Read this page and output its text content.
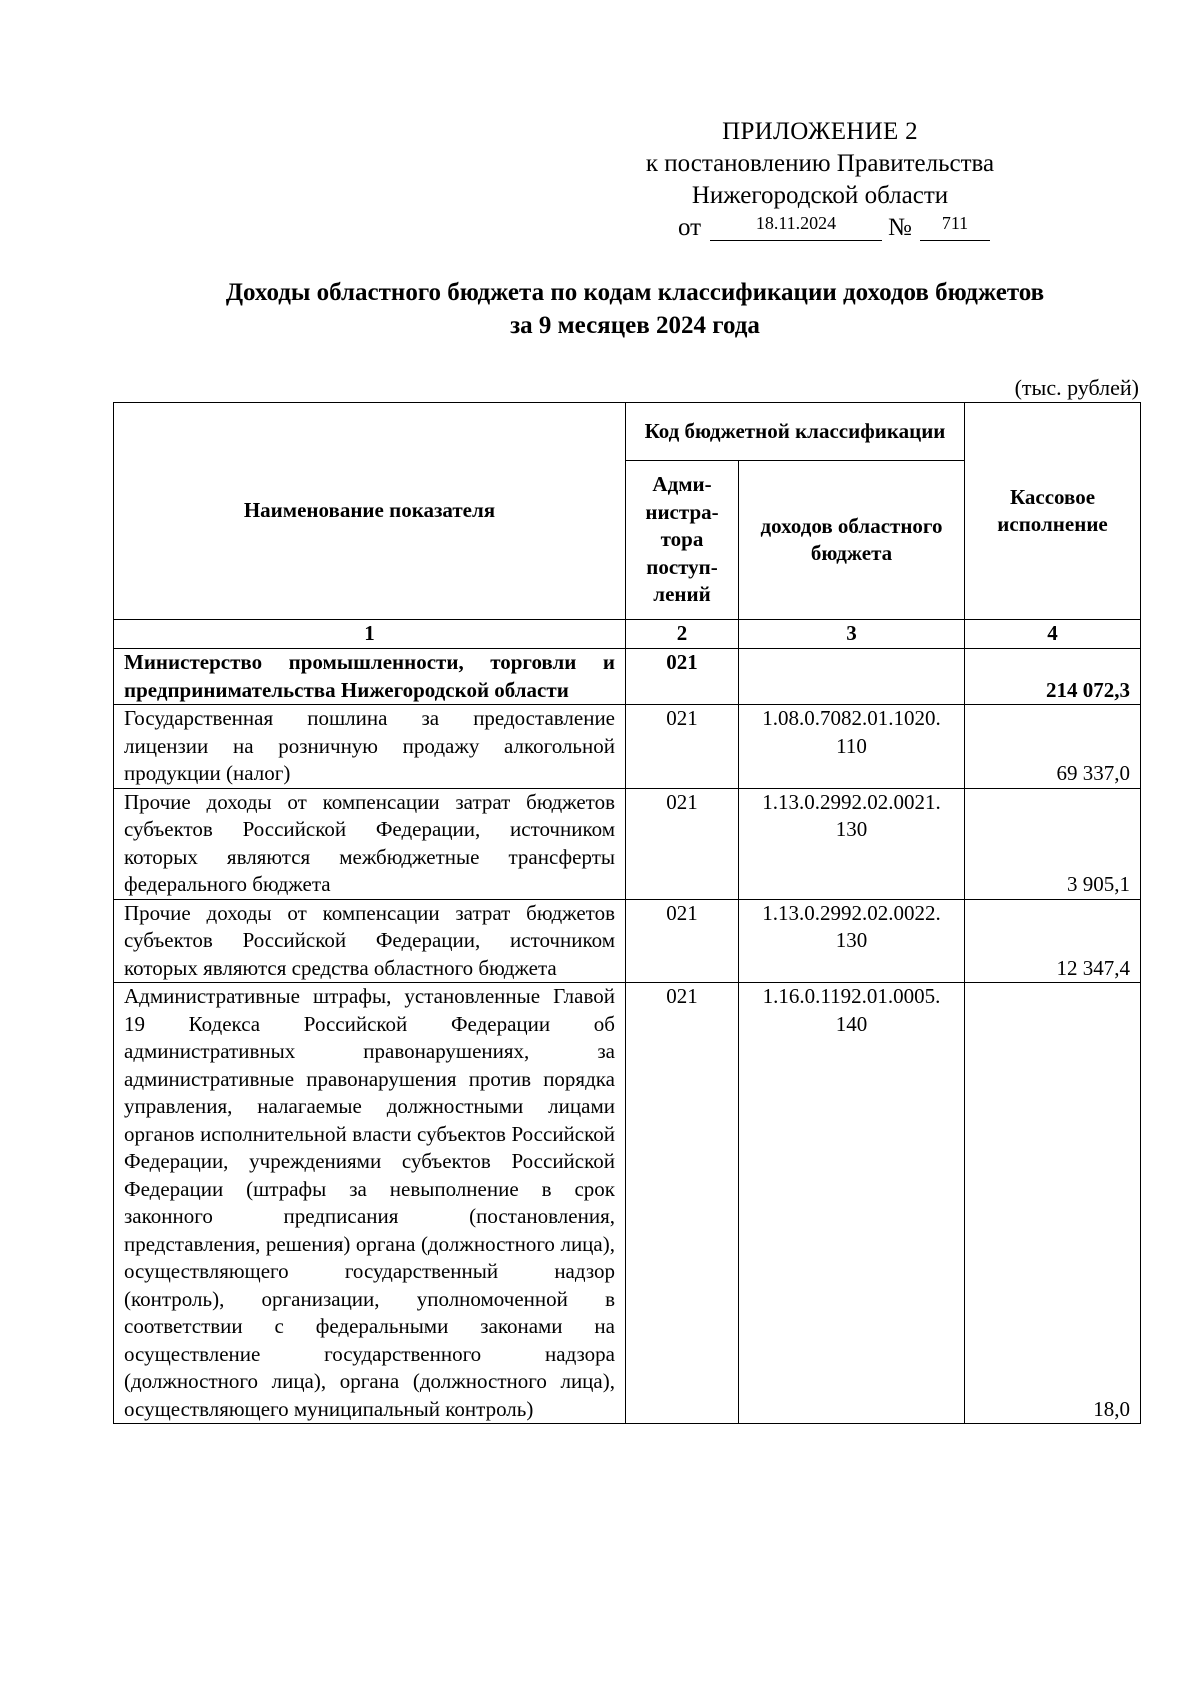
ПРИЛОЖЕНИЕ 2
к постановлению Правительства
Нижегородской области
от	18.11.2024	№	711
Доходы областного бюджета по кодам классификации доходов бюджетов
за 9 месяцев 2024 года
(тыс. рублей)
Наименование показателя	Код бюджетной классификации		Кассовое исполнение
	Адми-нистра-тора поступ-лений	доходов областного бюджета	
1	2	3	4
Министерство промышленности, торговли и предпринимательства Нижегородской области	021		214 072,3
Государственная пошлина за предоставление лицензии на розничную продажу алкогольной продукции (налог)	021	1.08.0.7082.01.1020. 110	69 337,0
Прочие доходы от компенсации затрат бюджетов субъектов Российской Федерации, источником которых являются межбюджетные трансферты федерального бюджета	021	1.13.0.2992.02.0021. 130	3 905,1
Прочие доходы от компенсации затрат бюджетов субъектов Российской Федерации, источником которых являются средства областного бюджета	021	1.13.0.2992.02.0022. 130	12 347,4
Административные штрафы, установленные Главой 19 Кодекса Российской Федерации об административных правонарушениях, за административные правонарушения против порядка управления, налагаемые должностными лицами органов исполнительной власти субъектов Российской Федерации, учреждениями субъектов Российской Федерации (штрафы за невыполнение в срок законного предписания (постановления, представления, решения) органа (должностного лица), осуществляющего государственный надзор (контроль), организации, уполномоченной в соответствии с федеральными законами на осуществление государственного надзора (должностного лица), органа (должностного лица), осуществляющего муниципальный контроль)	021	1.16.0.1192.01.0005. 140	18,0
